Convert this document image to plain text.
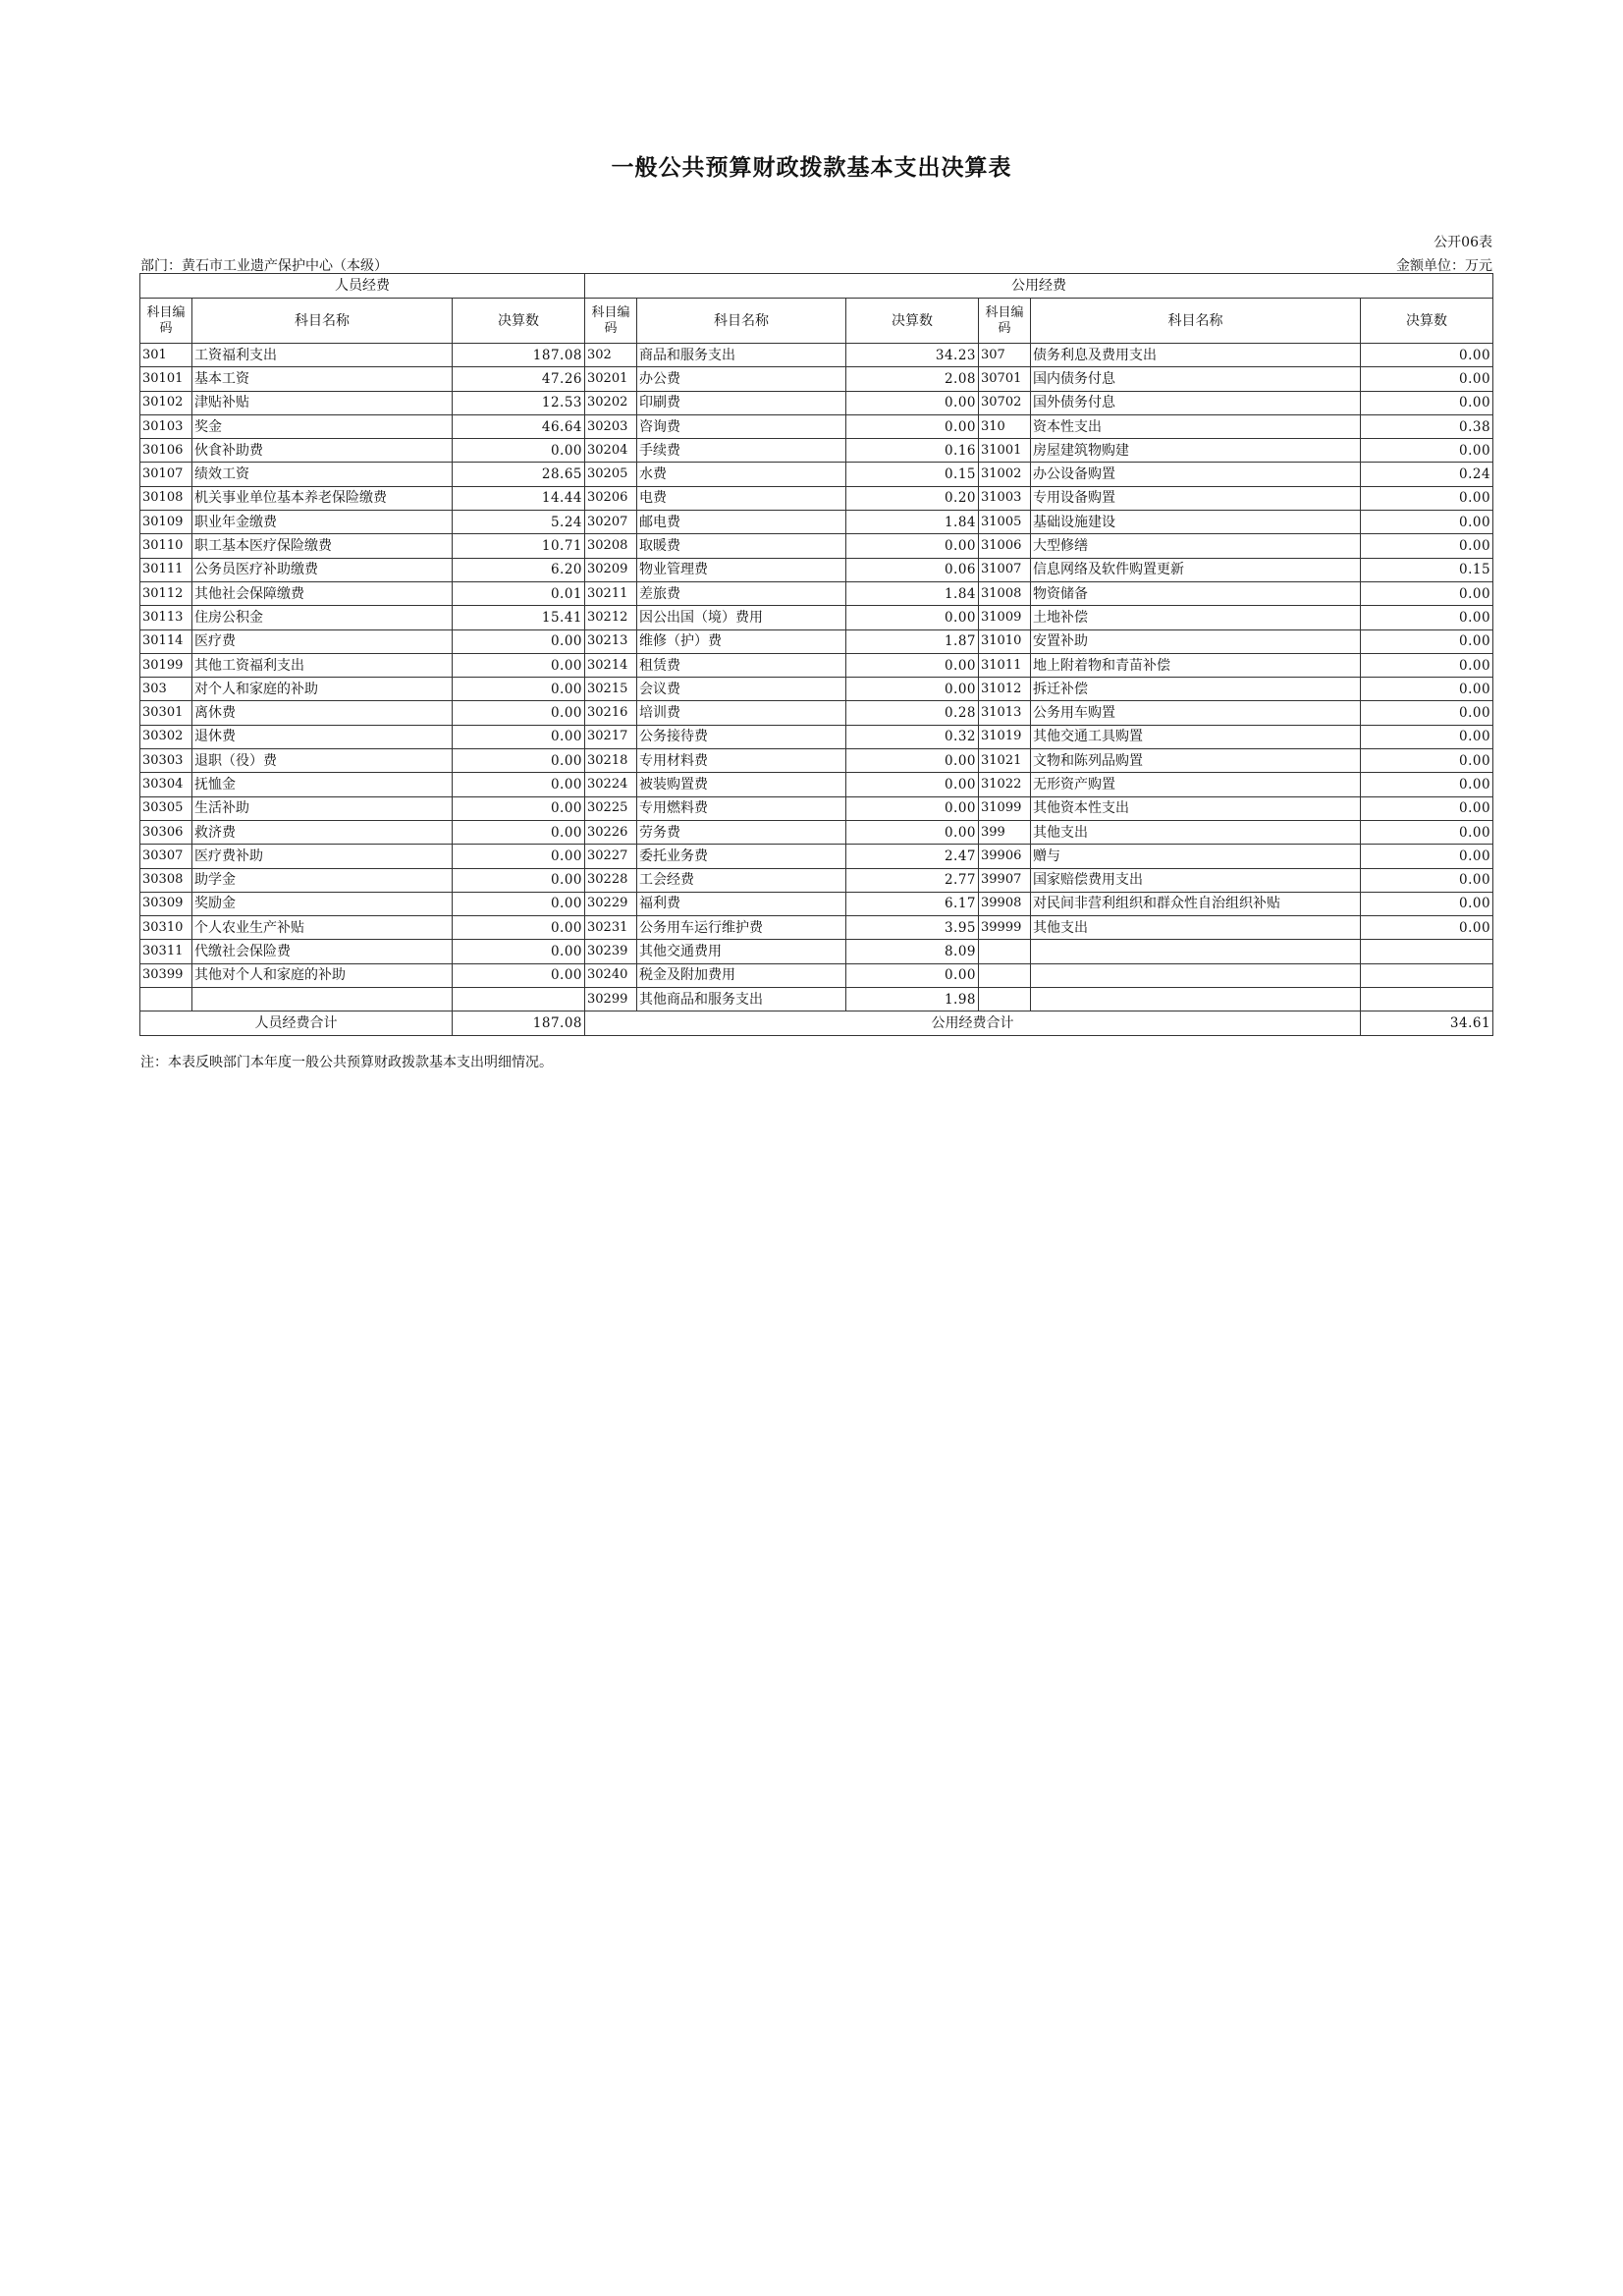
一般公共预算财政拨款基本支出决算表
公开06表
部门：黄石市工业遗产保护中心（本级）	金额单位：万元
人员经费			公用经费					
科目编码	科目名称	决算数	科目编码	科目名称	决算数	科目编码	科目名称	决算数
301	工资福利支出	187.08	302	商品和服务支出	34.23	307	债务利息及费用支出	0.00
30101	基本工资	47.26	30201	办公费	2.08	30701	国内债务付息	0.00
30102	津贴补贴	12.53	30202	印刷费	0.00	30702	国外债务付息	0.00
30103	奖金	46.64	30203	咨询费	0.00	310	资本性支出	0.38
30106	伙食补助费	0.00	30204	手续费	0.16	31001	房屋建筑物购建	0.00
30107	绩效工资	28.65	30205	水费	0.15	31002	办公设备购置	0.24
30108	机关事业单位基本养老保险缴费	14.44	30206	电费	0.20	31003	专用设备购置	0.00
30109	职业年金缴费	5.24	30207	邮电费	1.84	31005	基础设施建设	0.00
30110	职工基本医疗保险缴费	10.71	30208	取暖费	0.00	31006	大型修缮	0.00
30111	公务员医疗补助缴费	6.20	30209	物业管理费	0.06	31007	信息网络及软件购置更新	0.15
30112	其他社会保障缴费	0.01	30211	差旅费	1.84	31008	物资储备	0.00
30113	住房公积金	15.41	30212	因公出国（境）费用	0.00	31009	土地补偿	0.00
30114	医疗费	0.00	30213	维修（护）费	1.87	31010	安置补助	0.00
30199	其他工资福利支出	0.00	30214	租赁费	0.00	31011	地上附着物和青苗补偿	0.00
303	对个人和家庭的补助	0.00	30215	会议费	0.00	31012	拆迁补偿	0.00
30301	离休费	0.00	30216	培训费	0.28	31013	公务用车购置	0.00
30302	退休费	0.00	30217	公务接待费	0.32	31019	其他交通工具购置	0.00
30303	退职（役）费	0.00	30218	专用材料费	0.00	31021	文物和陈列品购置	0.00
30304	抚恤金	0.00	30224	被装购置费	0.00	31022	无形资产购置	0.00
30305	生活补助	0.00	30225	专用燃料费	0.00	31099	其他资本性支出	0.00
30306	救济费	0.00	30226	劳务费	0.00	399	其他支出	0.00
30307	医疗费补助	0.00	30227	委托业务费	2.47	39906	赠与	0.00
30308	助学金	0.00	30228	工会经费	2.77	39907	国家赔偿费用支出	0.00
30309	奖励金	0.00	30229	福利费	6.17	39908	对民间非营利组织和群众性自治组织补贴	0.00
30310	个人农业生产补贴	0.00	30231	公务用车运行维护费	3.95	39999	其他支出	0.00
30311	代缴社会保险费	0.00	30239	其他交通费用	8.09			
30399	其他对个人和家庭的补助	0.00	30240	税金及附加费用	0.00			
			30299	其他商品和服务支出	1.98			
人员经费合计		187.08	公用经费合计					34.61
注：本表反映部门本年度一般公共预算财政拨款基本支出明细情况。
